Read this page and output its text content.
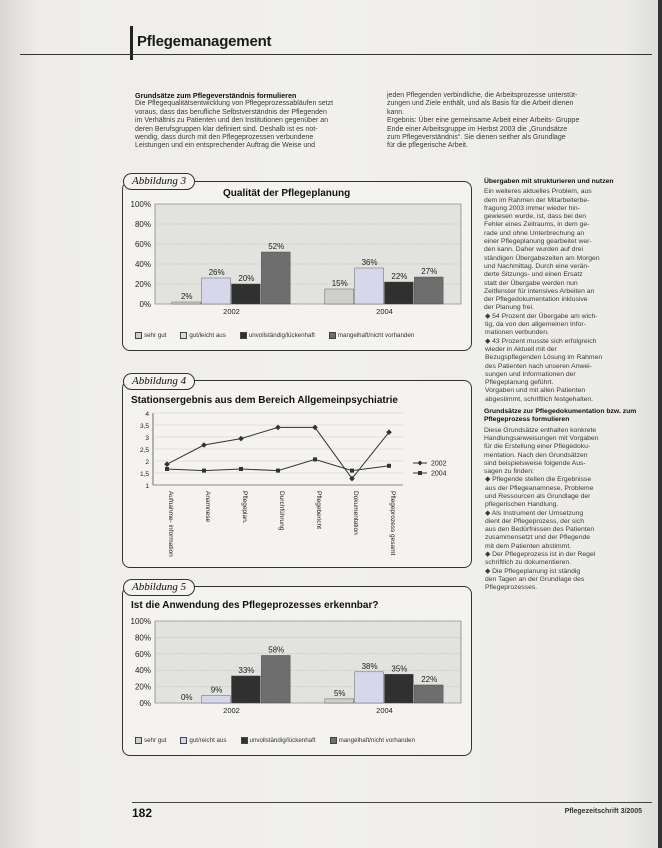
Pflegemanagement
Grundsätze zum Pflegeverständnis formulieren
Die Pflegequalitätsentwicklung von Pflegeprozessabläufen setzt
voraus, dass das berufliche Selbstverständnis der Pflegenden
im Verhältnis zu Patienten und den Institutionen gegenüber an
deren Berufsgruppen klar definiert sind. Deshalb ist es not-
wendig, dass durch mit den Pflegeprozessen verbundene
Leistungen und ein entsprechender Auftrag die Weise und
jeden Pflegenden verbindliche, die Arbeitsprozesse unterstüt-
zungen und Ziele enthält, und als Basis für die Arbeit dienen
kann.
Ergebnis: Über eine gemeinsame Arbeit einer Arbeits- Gruppe
Ende einer Arbeitsgruppe im Herbst 2003 die „Grundsätze
zum Pflegeverständnis“. Sie dienen seither als Grundlage
für die pflegerische Arbeit.
Qualität der Pflegeplanung
0%
20%
40%
60%
80%
100%
2%
26%
20%
52%
2002
15%
36%
22%
27%
2004
sehr gut	gut/leicht aus	unvollständig/lückenhaft	mangelhaft/nicht vorhanden
Abbildung 3
Stationsergebnis aus dem Bereich Allgemeinpsychiatrie
1
1,5
2
2,5
3
3,5
4
Aufnahme- information	Anamnese	Pflegeplan.	Durchführung	Pflegebericht	Dokumentation	Pflegeprozess gesamt
2002
2004
Abbildung 4
Ist die Anwendung des Pflegeprozesses erkennbar?
0%
20%
40%
60%
80%
100%
0%
9%
33%
58%
2002
5%
38% 35%
22%
2004
sehr gut	gut/reicht aus	unvollständig/lückenhaft	mangelhaft/nicht vorhanden
Abbildung 5

Übergaben mit strukturieren und nutzen

Ein weiteres aktuelles Problem, aus
dem im Rahmen der Mitarbeiterbe-
fragung 2003 immer wieder hin-
gewiesen wurde, ist, dass bei den
Fehler eines Zeitraums, in dem ge-
rade und ohne Unterbrechung an
einer Pflegeplanung gearbeitet wer-
den kann. Daher wurden auf drei
ständigen Übergabezeiten am Morgen
und Nachmittag. Durch eine verän-
derte Sitzungs- und einen Ersatz
statt der Übergabe werden nun
Zeitfenster für intensives Arbeiten an
der Pflegedokumentation inklusive
der Planung frei.
◆ 54 Prozent der Übergabe am wich-
tig, da von den allgemeinen Infor-
mationen verbunden.
◆ 43 Prozent musste sich erfolgreich
wieder in Aktuell mit der
Bezugspflegenden Lösung im Rahmen
des Patienten nach unseren Anwei-
sungen und Informationen der
Pflegeplanung geführt.
Vorgaben und mit allen Patienten
abgestimmt, schriftlich festgehalten.

Grundsätze zur Pflegedokumentation bzw. zum Pflegeprozess formulieren

Diese Grundsätze enthalten konkrete
Handlungsanweisungen mit Vorgaben
für die Erstellung einer Pflegedoku-
mentation. Nach den Grundsätzen
sind beispielsweise folgende Aus-
sagen zu finden:
◆ Pflegende stellen die Ergebnisse
aus der Pflegeanamnese, Probleme
und Ressourcen als Grundlage der
pflegerischen Handlung.
◆ Als Instrument der Umsetzung
dient der Pflegeprozess, der sich
aus den Bedürfnissen des Patienten
zusammensetzt und der Pflegende
mit dem Patienten abstimmt.
◆ Der Pflegeprozess ist in der Regel
schriftlich zu dokumentieren.
◆ Die Pflegeplanung ist ständig
den Tagen an der Grundlage des
Pflegeprozesses.
182	Pflegezeitschrift 3/2005
